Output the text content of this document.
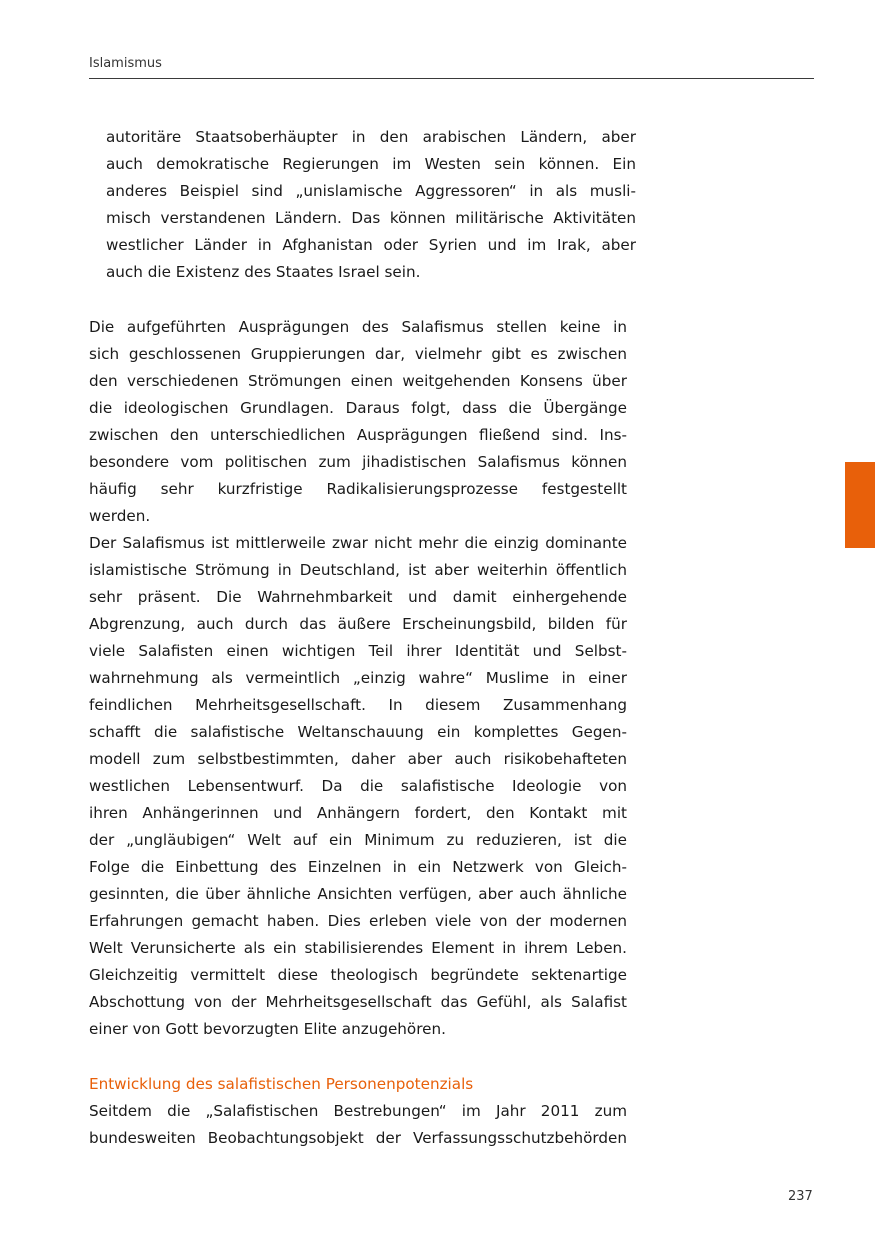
Islamismus
autoritäre Staatsoberhäupter in den arabischen Ländern, aber
auch demokratische Regierungen im Westen sein können. Ein
anderes Beispiel sind „unislamische Aggressoren“ in als musli-
misch verstandenen Ländern. Das können militärische Aktivitäten
westlicher Länder in Afghanistan oder Syrien und im Irak, aber
auch die Existenz des Staates Israel sein.
Die aufgeführten Ausprägungen des Salafismus stellen keine in
sich geschlossenen Gruppierungen dar, vielmehr gibt es zwischen
den verschiedenen Strömungen einen weitgehenden Konsens über
die ideologischen Grundlagen. Daraus folgt, dass die Übergänge
zwischen den unterschiedlichen Ausprägungen fließend sind. Ins-
besondere vom politischen zum jihadistischen Salafismus können
häufig sehr kurzfristige Radikalisierungsprozesse festgestellt
werden.
Der Salafismus ist mittlerweile zwar nicht mehr die einzig dominante
islamistische Strömung in Deutschland, ist aber weiterhin öffentlich
sehr präsent. Die Wahrnehmbarkeit und damit einhergehende
Abgrenzung, auch durch das äußere Erscheinungsbild, bilden für
viele Salafisten einen wichtigen Teil ihrer Identität und Selbst-
wahrnehmung als vermeintlich „einzig wahre“ Muslime in einer
feindlichen Mehrheitsgesellschaft. In diesem Zusammenhang
schafft die salafistische Weltanschauung ein komplettes Gegen-
modell zum selbstbestimmten, daher aber auch risikobehafteten
westlichen Lebensentwurf. Da die salafistische Ideologie von
ihren Anhängerinnen und Anhängern fordert, den Kontakt mit
der „ungläubigen“ Welt auf ein Minimum zu reduzieren, ist die
Folge die Einbettung des Einzelnen in ein Netzwerk von Gleich-
gesinnten, die über ähnliche Ansichten verfügen, aber auch ähnliche
Erfahrungen gemacht haben. Dies erleben viele von der modernen
Welt Verunsicherte als ein stabilisierendes Element in ihrem Leben.
Gleichzeitig vermittelt diese theologisch begründete sektenartige
Abschottung von der Mehrheitsgesellschaft das Gefühl, als Salafist
einer von Gott bevorzugten Elite anzugehören.
Entwicklung des salafistischen Personenpotenzials
Seitdem die „Salafistischen Bestrebungen“ im Jahr 2011 zum
bundesweiten Beobachtungsobjekt der Verfassungsschutzbehörden
237
